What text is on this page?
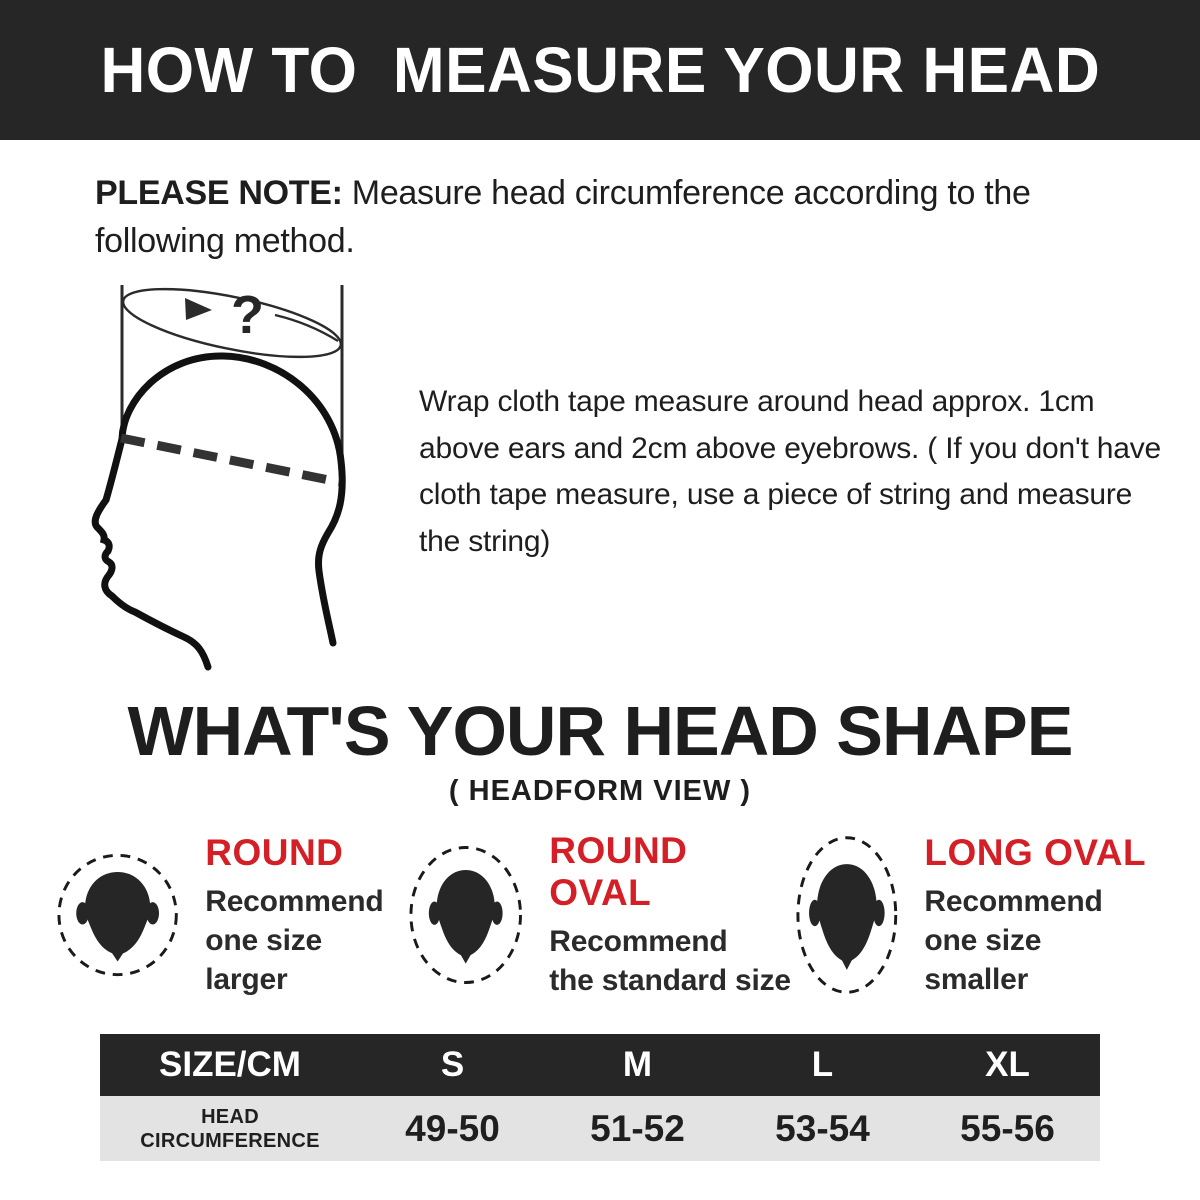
HOW TO  MEASURE YOUR HEAD

PLEASE NOTE: Measure head circumference according to the following method.

?

Wrap cloth tape measure around head approx. 1cm above ears and 2cm above eyebrows. ( If you don't have cloth tape measure, use a piece of string and measure the string)

WHAT'S YOUR HEAD SHAPE
( HEADFORM VIEW )
ROUND
Recommend
one size larger
ROUND OVAL
Recommend
the standard size
LONG OVAL
Recommend
one size smaller
SIZE/CM	S	M	L	XL
HEAD
CIRCUMFERENCE	49-50	51-52	53-54	55-56
